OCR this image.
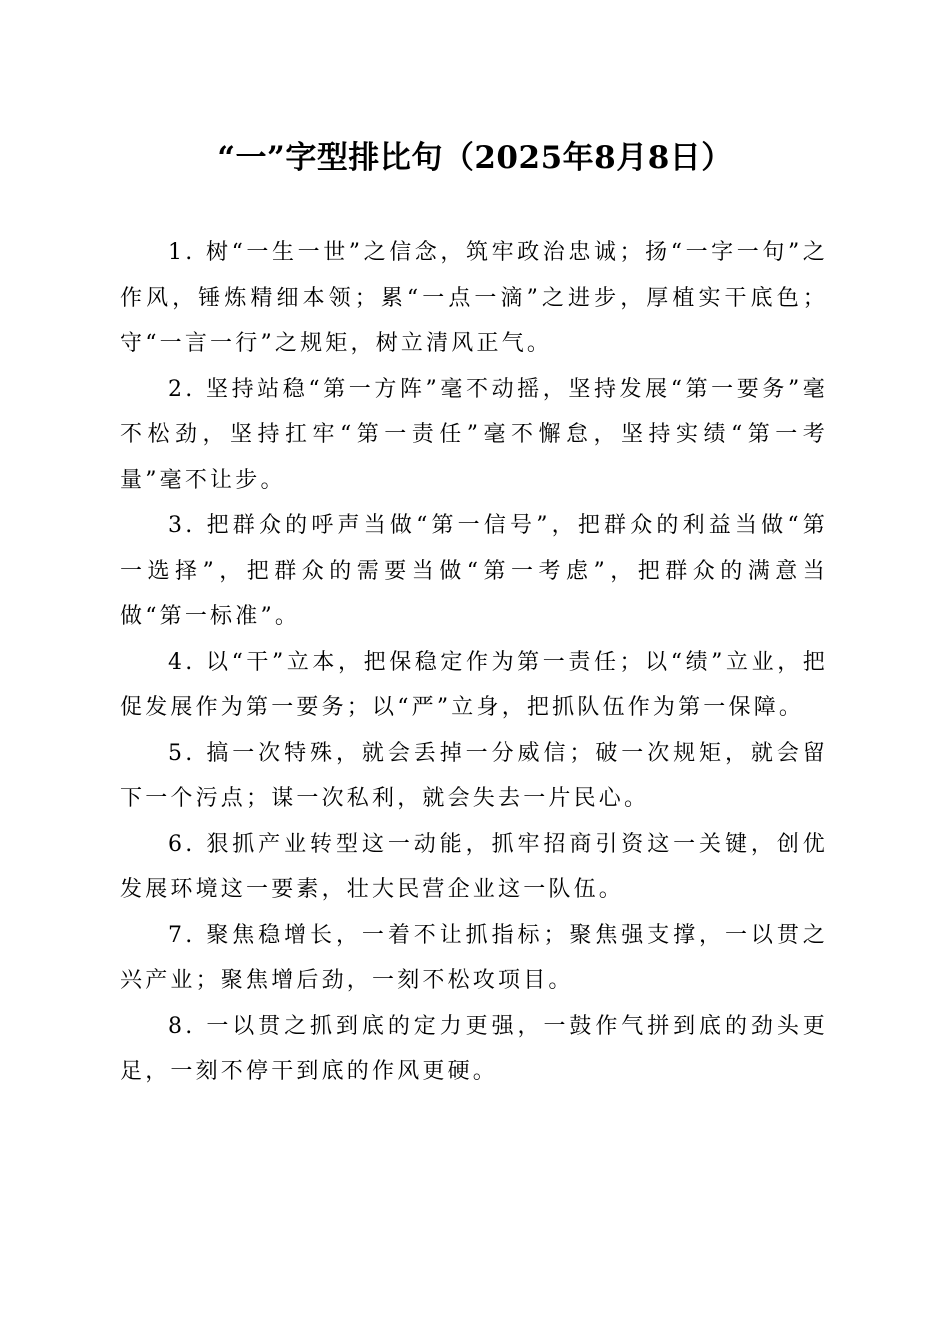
“一”字型排比句（2025年8月8日）

1. 树“一生一世”之信念，筑牢政治忠诚；扬“一字一句”之作风，锤炼精细本领；累“一点一滴”之进步，厚植实干底色；守“一言一行”之规矩，树立清风正气。

2. 坚持站稳“第一方阵”毫不动摇，坚持发展“第一要务”毫不松劲，坚持扛牢“第一责任”毫不懈怠，坚持实绩“第一考量”毫不让步。

3. 把群众的呼声当做“第一信号”，把群众的利益当做“第一选择”，把群众的需要当做“第一考虑”，把群众的满意当做“第一标准”。

4. 以“干”立本，把保稳定作为第一责任；以“绩”立业，把促发展作为第一要务；以“严”立身，把抓队伍作为第一保障。

5. 搞一次特殊，就会丢掉一分威信；破一次规矩，就会留下一个污点；谋一次私利，就会失去一片民心。

6. 狠抓产业转型这一动能，抓牢招商引资这一关键，创优发展环境这一要素，壮大民营企业这一队伍。

7. 聚焦稳增长，一着不让抓指标；聚焦强支撑，一以贯之兴产业；聚焦增后劲，一刻不松攻项目。

8. 一以贯之抓到底的定力更强，一鼓作气拼到底的劲头更足，一刻不停干到底的作风更硬。
